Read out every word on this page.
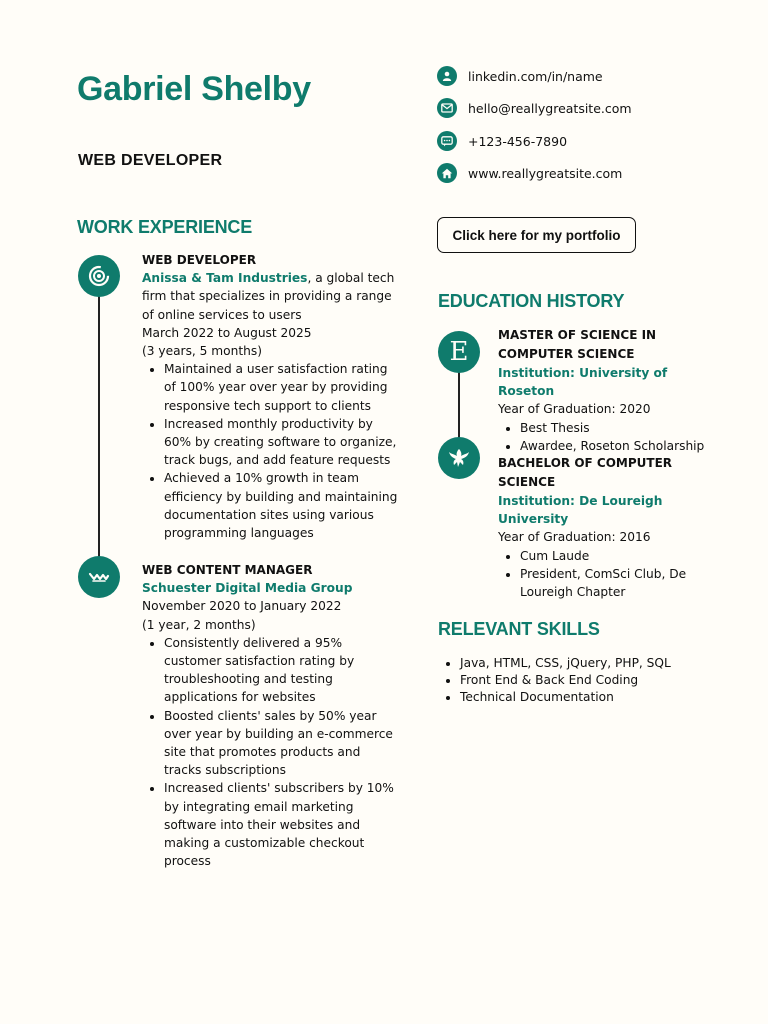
Gabriel Shelby
WEB DEVELOPER
linkedin.com/in/name
hello@reallygreatsite.com
+123-456-7890
www.reallygreatsite.com
Click here for my portfolio
WORK EXPERIENCE
WEB DEVELOPER
Anissa & Tam Industries, a global tech firm that specializes in providing a range of online services to users
March 2022 to August 2025
(3 years, 5 months)
• Maintained a user satisfaction rating of 100% year over year by providing responsive tech support to clients
• Increased monthly productivity by 60% by creating software to organize, track bugs, and add feature requests
• Achieved a 10% growth in team efficiency by building and maintaining documentation sites using various programming languages
WEB CONTENT MANAGER
Schuester Digital Media Group
November 2020 to January 2022
(1 year, 2 months)
• Consistently delivered a 95% customer satisfaction rating by troubleshooting and testing applications for websites
• Boosted clients' sales by 50% year over year by building an e-commerce site that promotes products and tracks subscriptions
• Increased clients' subscribers by 10% by integrating email marketing software into their websites and making a customizable checkout process
EDUCATION HISTORY
E
MASTER OF SCIENCE IN COMPUTER SCIENCE
Institution: University of Roseton
Year of Graduation: 2020
• Best Thesis
• Awardee, Roseton Scholarship
BACHELOR OF COMPUTER SCIENCE
Institution: De Loureigh University
Year of Graduation: 2016
• Cum Laude
• President, ComSci Club, De Loureigh Chapter
RELEVANT SKILLS
• Java, HTML, CSS, jQuery, PHP, SQL
• Front End & Back End Coding
• Technical Documentation
